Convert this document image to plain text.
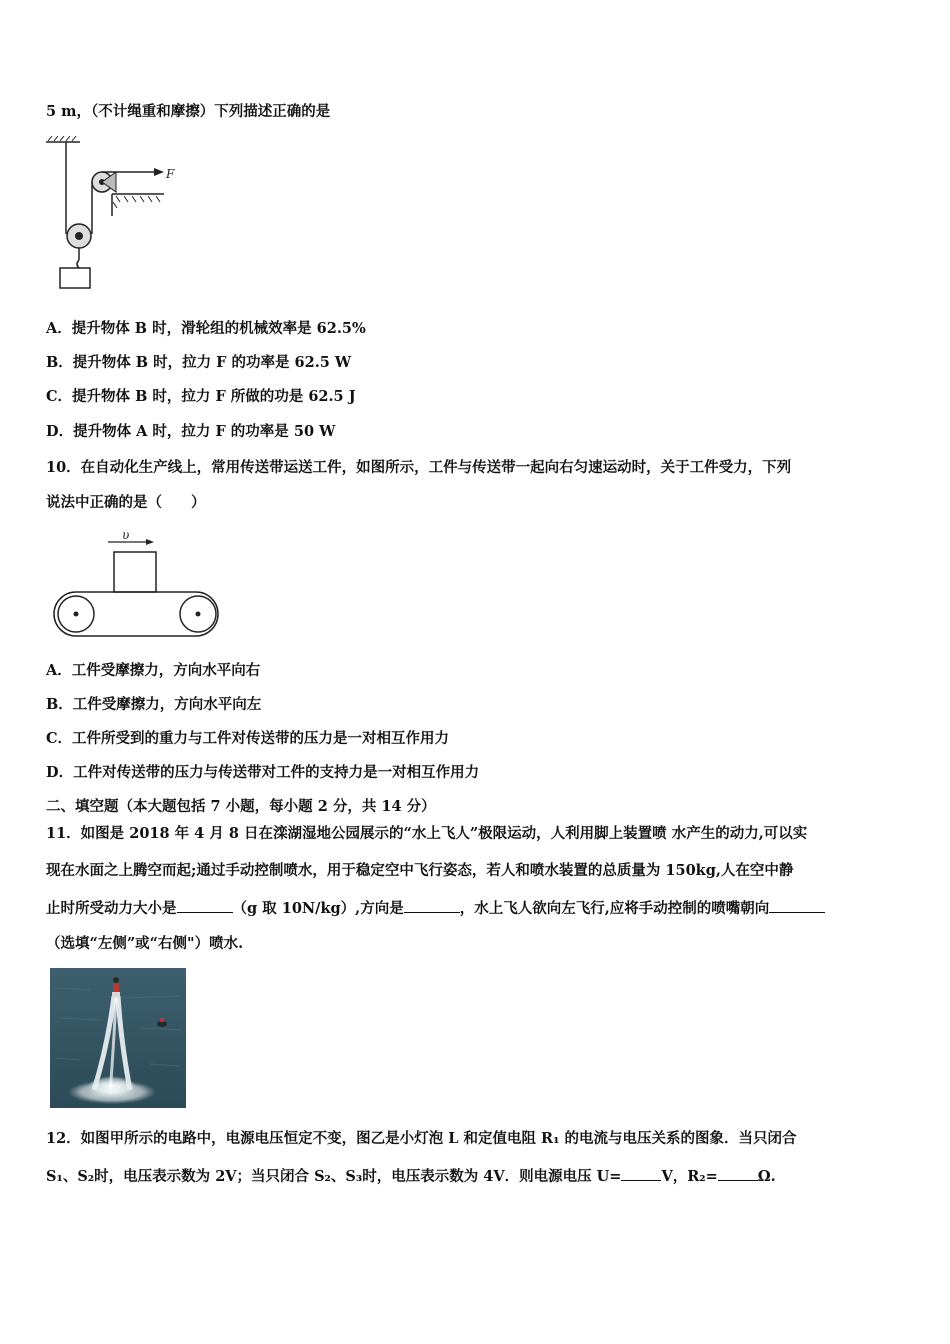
5 m，（不计绳重和摩擦）下列描述正确的是
F
A．提升物体 B 时，滑轮组的机械效率是 62.5%
B．提升物体 B 时，拉力 F 的功率是 62.5 W
C．提升物体 B 时，拉力 F 所做的功是 62.5 J
D．提升物体 A 时，拉力 F 的功率是 50 W
10．在自动化生产线上，常用传送带运送工件，如图所示，工件与传送带一起向右匀速运动时，关于工件受力，下列
说法中正确的是（　　）
υ
A．工件受摩擦力，方向水平向右
B．工件受摩擦力，方向水平向左
C．工件所受到的重力与工件对传送带的压力是一对相互作用力
D．工件对传送带的压力与传送带对工件的支持力是一对相互作用力
二、填空题（本大题包括 7 小题，每小题 2 分，共 14 分）
11．如图是 2018 年 4 月 8 日在滦湖湿地公园展示的“水上飞人”极限运动，人利用脚上装置喷 水产生的动力,可以实
现在水面之上腾空而起;通过手动控制喷水，用于稳定空中飞行姿态，若人和喷水装置的总质量为 150kg,人在空中静
止时所受动力大小是	（g 取 10N/kg）,方向是	，水上飞人欲向左飞行,应将手动控制的喷嘴朝向
（选填“左侧”或“右侧"）喷水.
12．如图甲所示的电路中，电源电压恒定不变，图乙是小灯泡 L 和定值电阻 R₁ 的电流与电压关系的图象．当只闭合
S₁、S₂时，电压表示数为 2V；当只闭合 S₂、S₃时，电压表示数为 4V．则电源电压 U=	V，R₂=	Ω.
